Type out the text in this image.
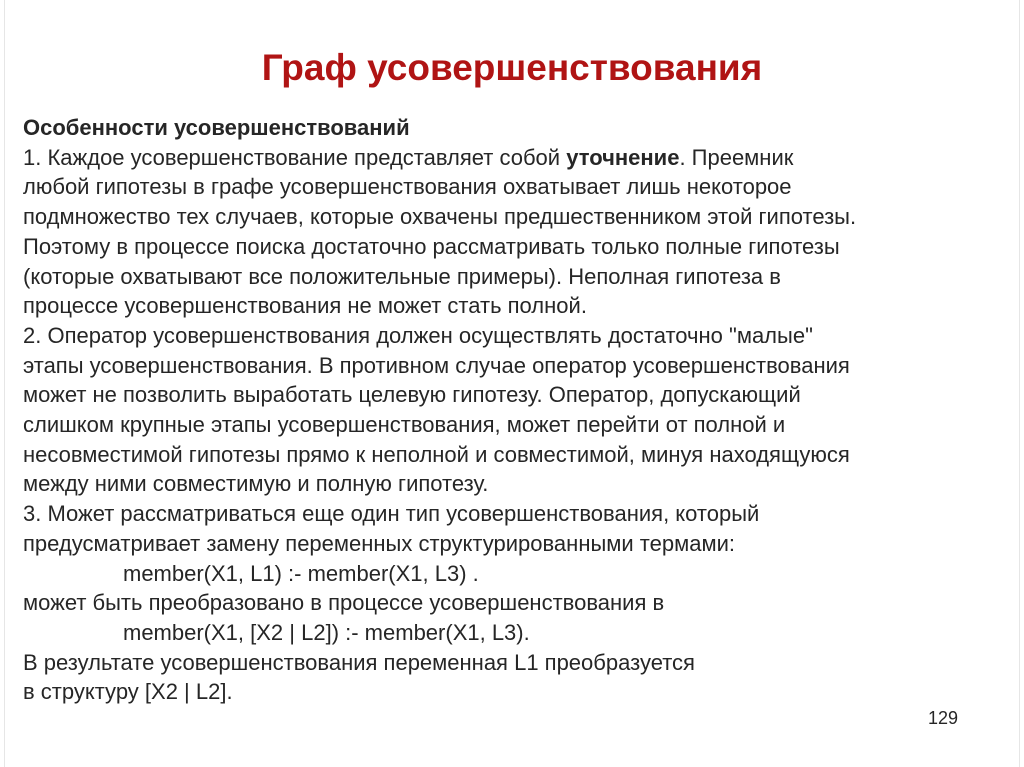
Граф усовершенствования
Особенности усовершенствований
1. Каждое усовершенствование представляет собой уточнение. Преемник
любой гипотезы в графе усовершенствования охватывает лишь некоторое
подмножество тех случаев, которые охвачены предшественником этой гипотезы.
Поэтому в процессе поиска достаточно рассматривать только полные гипотезы
(которые охватывают все положительные примеры). Неполная гипотеза в
процессе усовершенствования не может стать полной.
2. Оператор усовершенствования должен осуществлять достаточно "малые"
этапы усовершенствования. В противном случае оператор усовершенствования
может не позволить выработать целевую гипотезу. Оператор, допускающий
слишком крупные этапы усовершенствования, может перейти от полной и
несовместимой гипотезы прямо к неполной и совместимой, минуя находящуюся
между ними совместимую и полную гипотезу.
3. Может рассматриваться еще один тип усовершенствования, который
предусматривает замену переменных структурированными термами:
member(X1, L1) :- member(X1, L3) .
может быть преобразовано в процессе усовершенствования в
member(X1, [X2 | L2]) :- member(X1, L3).
В результате усовершенствования переменная L1 преобразуется
в структуру [X2 | L2].
129
